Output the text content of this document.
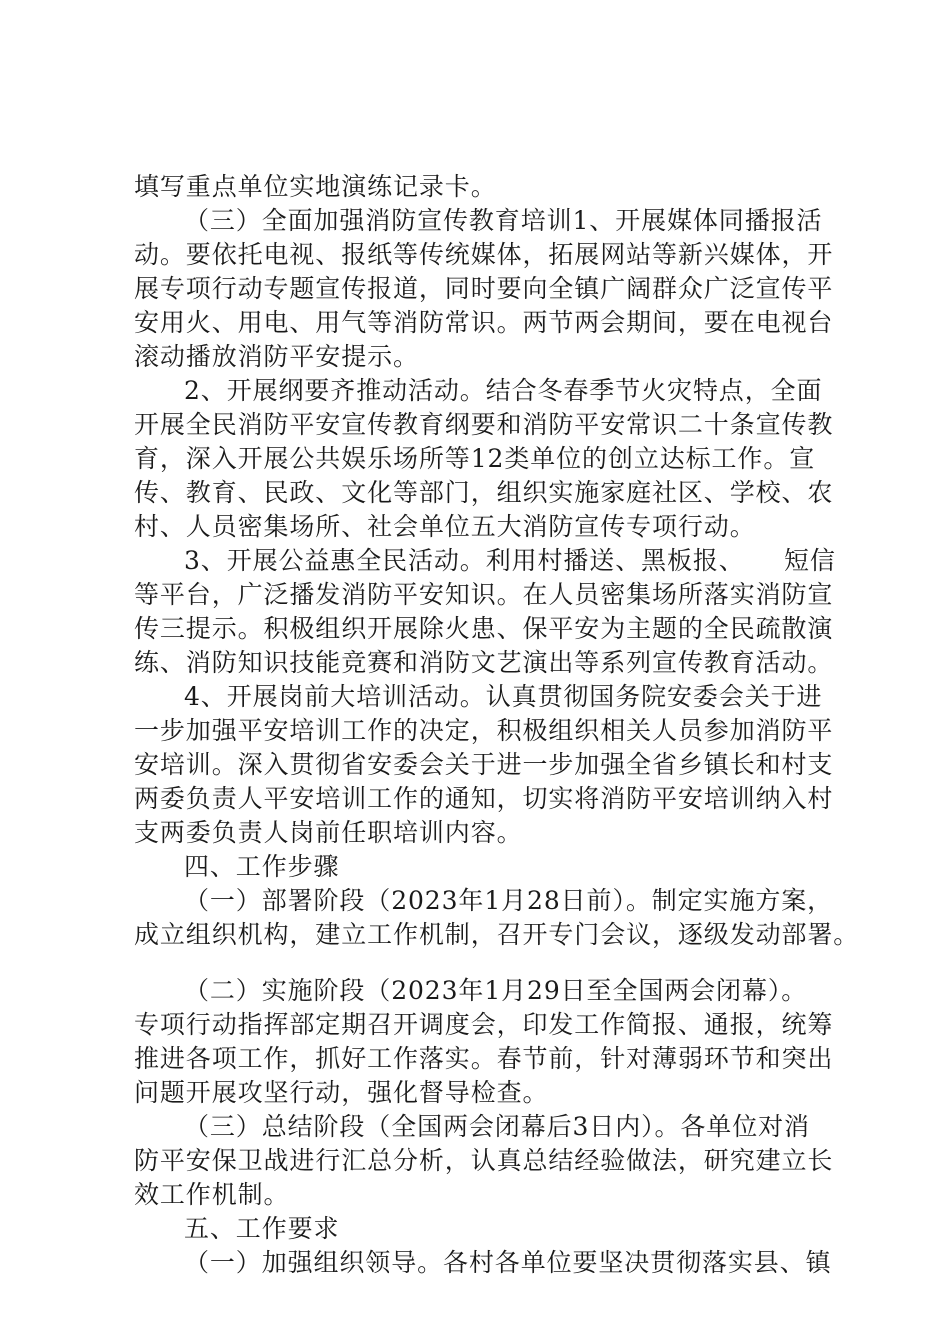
填写重点单位实地演练记录卡。
（三）全面加强消防宣传教育培训1、开展媒体同播报活
动。要依托电视、报纸等传统媒体，拓展网站等新兴媒体，开
展专项行动专题宣传报道，同时要向全镇广阔群众广泛宣传平
安用火、用电、用气等消防常识。两节两会期间，要在电视台
滚动播放消防平安提示。
2、开展纲要齐推动活动。结合冬春季节火灾特点，全面
开展全民消防平安宣传教育纲要和消防平安常识二十条宣传教
育，深入开展公共娱乐场所等12类单位的创立达标工作。宣
传、教育、民政、文化等部门，组织实施家庭社区、学校、农
村、人员密集场所、社会单位五大消防宣传专项行动。
3、开展公益惠全民活动。利用村播送、黑板报、　　短信
等平台，广泛播发消防平安知识。在人员密集场所落实消防宣
传三提示。积极组织开展除火患、保平安为主题的全民疏散演
练、消防知识技能竞赛和消防文艺演出等系列宣传教育活动。
4、开展岗前大培训活动。认真贯彻国务院安委会关于进
一步加强平安培训工作的决定，积极组织相关人员参加消防平
安培训。深入贯彻省安委会关于进一步加强全省乡镇长和村支
两委负责人平安培训工作的通知，切实将消防平安培训纳入村
支两委负责人岗前任职培训内容。
四、工作步骤
（一）部署阶段（2023年1月28日前）。制定实施方案，
成立组织机构，建立工作机制，召开专门会议，逐级发动部署。
（二）实施阶段（2023年1月29日至全国两会闭幕）。
专项行动指挥部定期召开调度会，印发工作简报、通报，统筹
推进各项工作，抓好工作落实。春节前，针对薄弱环节和突出
问题开展攻坚行动，强化督导检查。
（三）总结阶段（全国两会闭幕后3日内）。各单位对消
防平安保卫战进行汇总分析，认真总结经验做法，研究建立长
效工作机制。
五、工作要求
（一）加强组织领导。各村各单位要坚决贯彻落实县、镇
